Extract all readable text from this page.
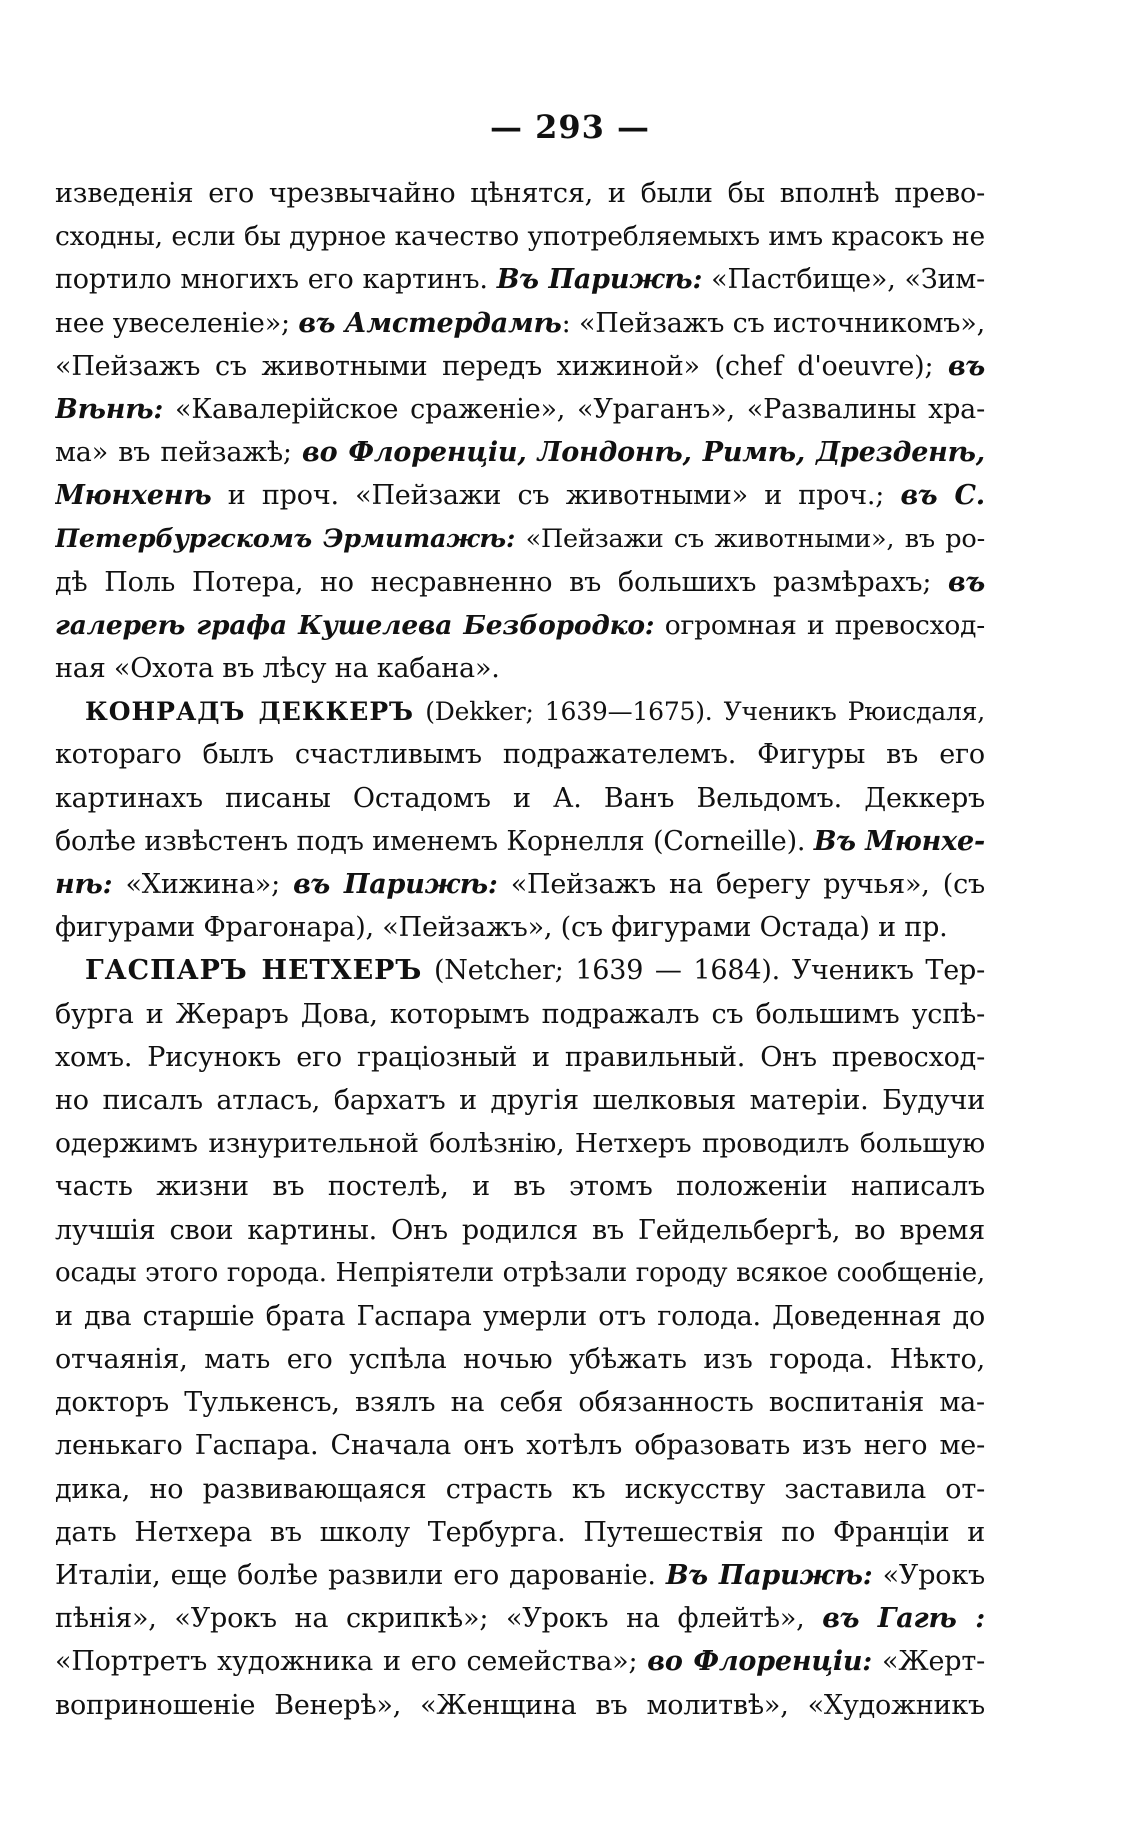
— 293 —
изведенія его чрезвычайно цѣнятся, и были бы вполнѣ прево-
сходны, если бы дурное качество употребляемыхъ имъ красокъ не
портило многихъ его картинъ. Въ Парижѣ: «Пастбище», «Зим-
нее увеселеніе»; въ Амстердамѣ: «Пейзажъ съ источникомъ»,
«Пейзажъ съ животными передъ хижиной» (chef d'oeuvre); въ
Вѣнѣ: «Кавалерійское сраженіе», «Ураганъ», «Развалины хра-
ма» въ пейзажѣ; во Флоренціи, Лондонѣ, Римѣ, Дрезденѣ,
Мюнхенѣ и проч. «Пейзажи съ животными» и проч.; въ С.
Петербургскомъ Эрмитажѣ: «Пейзажи съ животными», въ ро-
дѣ Поль Потера, но несравненно въ большихъ размѣрахъ; въ
галереѣ графа Кушелева Безбородко: огромная и превосход-
ная «Охота въ лѣсу на кабана».
КОНРАДЪ ДЕККЕРЪ (Dekker; 1639—1675). Ученикъ Рюисдаля,
котораго былъ счастливымъ подражателемъ. Фигуры въ его
картинахъ писаны Остадомъ и А. Ванъ Вельдомъ. Деккеръ
болѣе извѣстенъ подъ именемъ Корнелля (Corneille). Въ Мюнхе-
нѣ: «Хижина»; въ Парижѣ: «Пейзажъ на берегу ручья», (съ
фигурами Фрагонара), «Пейзажъ», (съ фигурами Остада) и пр.
ГАСПАРЪ НЕТХЕРЪ (Netcher; 1639 — 1684). Ученикъ Тер-
бурга и Жераръ Дова, которымъ подражалъ съ большимъ успѣ-
хомъ. Рисунокъ его граціозный и правильный. Онъ превосход-
но писалъ атласъ, бархатъ и другія шелковыя матеріи. Будучи
одержимъ изнурительной болѣзнію, Нетхеръ проводилъ большую
часть жизни въ постелѣ, и въ этомъ положеніи написалъ
лучшія свои картины. Онъ родился въ Гейдельбергѣ, во время
осады этого города. Непріятели отрѣзали городу всякое сообщеніе,
и два старшіе брата Гаспара умерли отъ голода. Доведенная до
отчаянія, мать его успѣла ночью убѣжать изъ города. Нѣкто,
докторъ Тулькенсъ, взялъ на себя обязанность воспитанія ма-
ленькаго Гаспара. Сначала онъ хотѣлъ образовать изъ него ме-
дика, но развивающаяся страсть къ искусству заставила от-
дать Нетхера въ школу Тербурга. Путешествія по Франціи и
Италіи, еще болѣе развили его дарованіе. Въ Парижѣ: «Урокъ
пѣнія», «Урокъ на скрипкѣ»; «Урокъ на флейтѣ», въ Гагѣ :
«Портретъ художника и его семейства»; во Флоренціи: «Жерт-
воприношеніе Венерѣ», «Женщина въ молитвѣ», «Художникъ
